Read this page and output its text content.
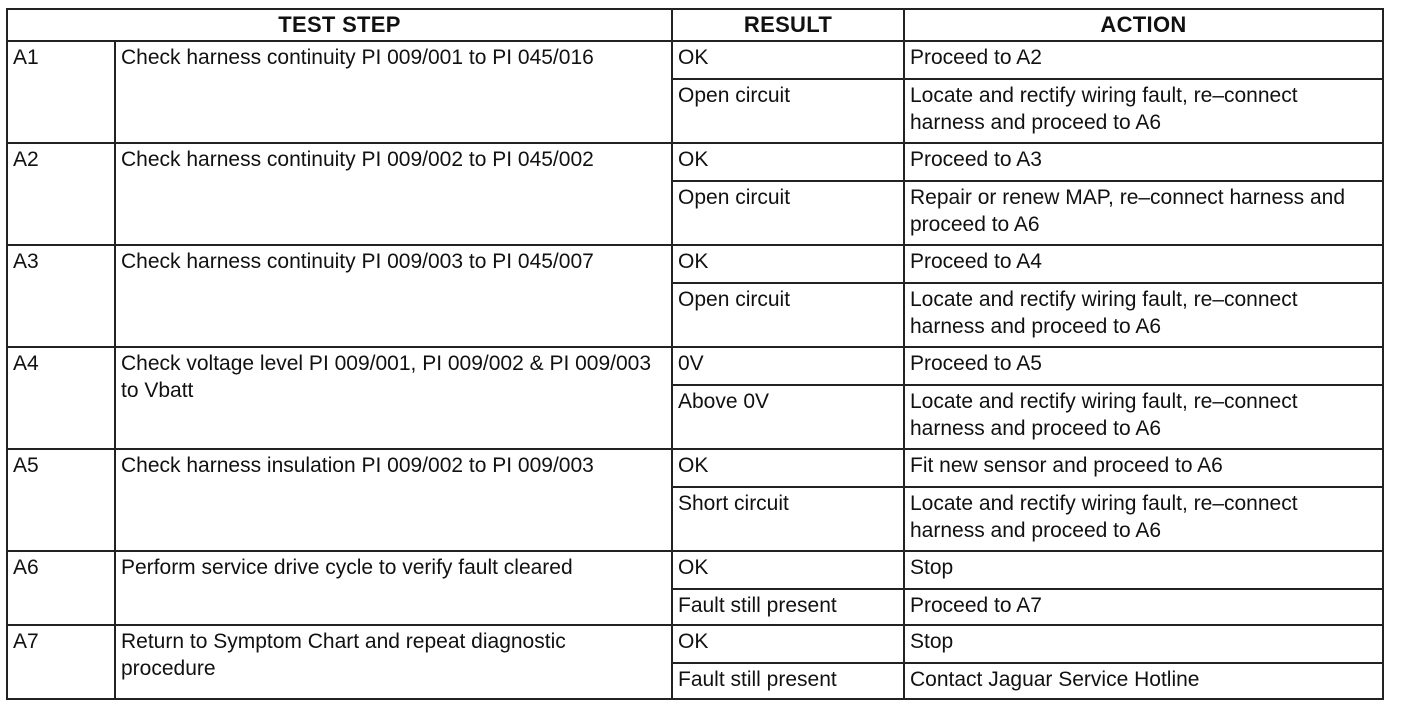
TEST STEP		RESULT	ACTION
A1	Check harness continuity PI 009/001 to PI 045/016	OK	Proceed to A2
		Open circuit	Locate and rectify wiring fault, re–connect harness and proceed to A6
A2	Check harness continuity PI 009/002 to PI 045/002	OK	Proceed to A3
		Open circuit	Repair or renew MAP, re–connect harness and proceed to A6
A3	Check harness continuity PI 009/003 to PI 045/007	OK	Proceed to A4
		Open circuit	Locate and rectify wiring fault, re–connect harness and proceed to A6
A4	Check voltage level PI 009/001, PI 009/002 & PI 009/003 to Vbatt	0V	Proceed to A5
		Above 0V	Locate and rectify wiring fault, re–connect harness and proceed to A6
A5	Check harness insulation PI 009/002 to PI 009/003	OK	Fit new sensor and proceed to A6
		Short circuit	Locate and rectify wiring fault, re–connect harness and proceed to A6
A6	Perform service drive cycle to verify fault cleared	OK	Stop
		Fault still present	Proceed to A7
A7	Return to Symptom Chart and repeat diagnostic procedure	OK	Stop
		Fault still present	Contact Jaguar Service Hotline
